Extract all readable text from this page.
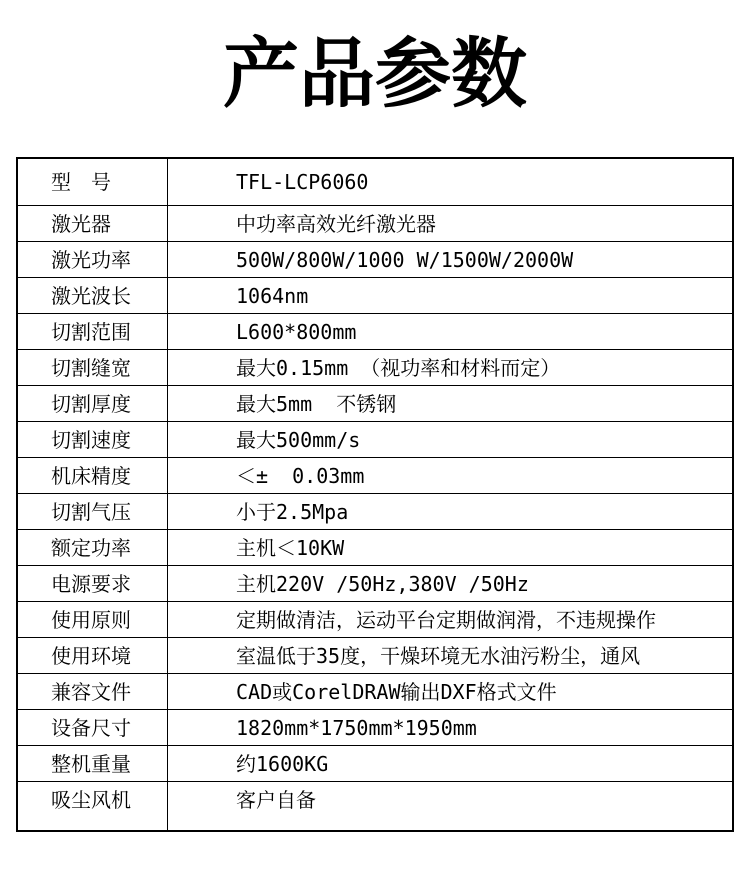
产品参数
型　号	TFL-LCP6060
激光器	中功率高效光纤激光器
激光功率	500W/800W/1000 W/1500W/2000W
激光波长	1064nm
切割范围	L600*800mm
切割缝宽	最大0.15mm （视功率和材料而定）
切割厚度	最大5mm  不锈钢
切割速度	最大500mm/s
机床精度	＜±  0.03mm
切割气压	小于2.5Mpa
额定功率	主机＜10KW
电源要求	主机220V /50Hz,380V /50Hz
使用原则	定期做清洁，运动平台定期做润滑，不违规操作
使用环境	室温低于35度，干燥环境无水油污粉尘，通风
兼容文件	CAD或CorelDRAW输出DXF格式文件
设备尺寸	1820mm*1750mm*1950mm
整机重量	约1600KG
吸尘风机	客户自备
